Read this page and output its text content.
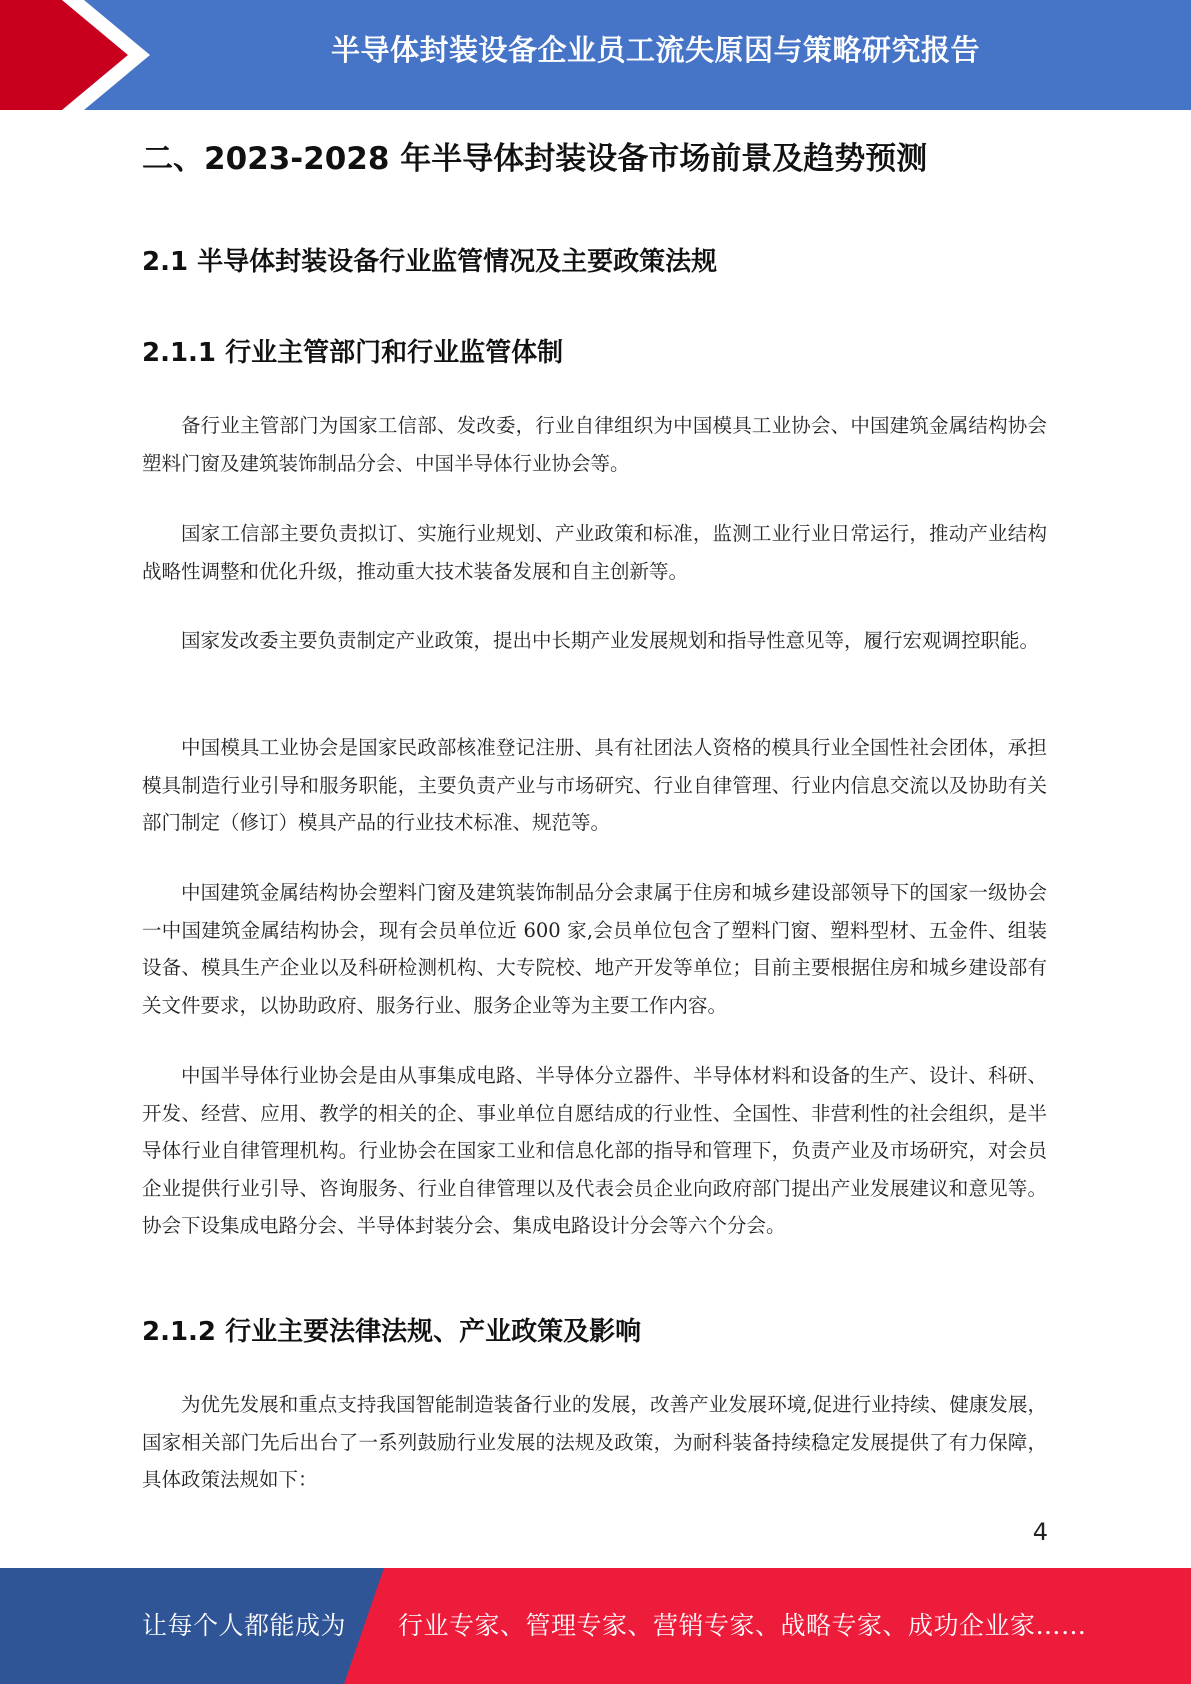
半导体封装设备企业员工流失原因与策略研究报告
二、2023-2028 年半导体封装设备市场前景及趋势预测
2.1 半导体封装设备行业监管情况及主要政策法规
2.1.1 行业主管部门和行业监管体制

备行业主管部门为国家工信部、发改委，行业自律组织为中国模具工业协会、中国建筑金属结构协会塑料门窗及建筑装饰制品分会、中国半导体行业协会等。

国家工信部主要负责拟订、实施行业规划、产业政策和标准，监测工业行业日常运行，推动产业结构战略性调整和优化升级，推动重大技术装备发展和自主创新等。

国家发改委主要负责制定产业政策，提出中长期产业发展规划和指导性意见等，履行宏观调控职能。

中国模具工业协会是国家民政部核准登记注册、具有社团法人资格的模具行业全国性社会团体，承担模具制造行业引导和服务职能，主要负责产业与市场研究、行业自律管理、行业内信息交流以及协助有关部门制定（修订）模具产品的行业技术标准、规范等。

中国建筑金属结构协会塑料门窗及建筑装饰制品分会隶属于住房和城乡建设部领导下的国家一级协会一中国建筑金属结构协会，现有会员单位近 600 家,会员单位包含了塑料门窗、塑料型材、五金件、组装设备、模具生产企业以及科研检测机构、大专院校、地产开发等单位；目前主要根据住房和城乡建设部有关文件要求，以协助政府、服务行业、服务企业等为主要工作内容。

中国半导体行业协会是由从事集成电路、半导体分立器件、半导体材料和设备的生产、设计、科研、开发、经营、应用、教学的相关的企、事业单位自愿结成的行业性、全国性、非营利性的社会组织，是半导体行业自律管理机构。行业协会在国家工业和信息化部的指导和管理下，负责产业及市场研究，对会员企业提供行业引导、咨询服务、行业自律管理以及代表会员企业向政府部门提出产业发展建议和意见等。协会下设集成电路分会、半导体封装分会、集成电路设计分会等六个分会。

2.1.2 行业主要法律法规、产业政策及影响

为优先发展和重点支持我国智能制造装备行业的发展，改善产业发展环境,促进行业持续、健康发展，国家相关部门先后出台了一系列鼓励行业发展的法规及政策，为耐科装备持续稳定发展提供了有力保障，具体政策法规如下：

4
让每个人都能成为 行业专家、管理专家、营销专家、战略专家、成功企业家……
